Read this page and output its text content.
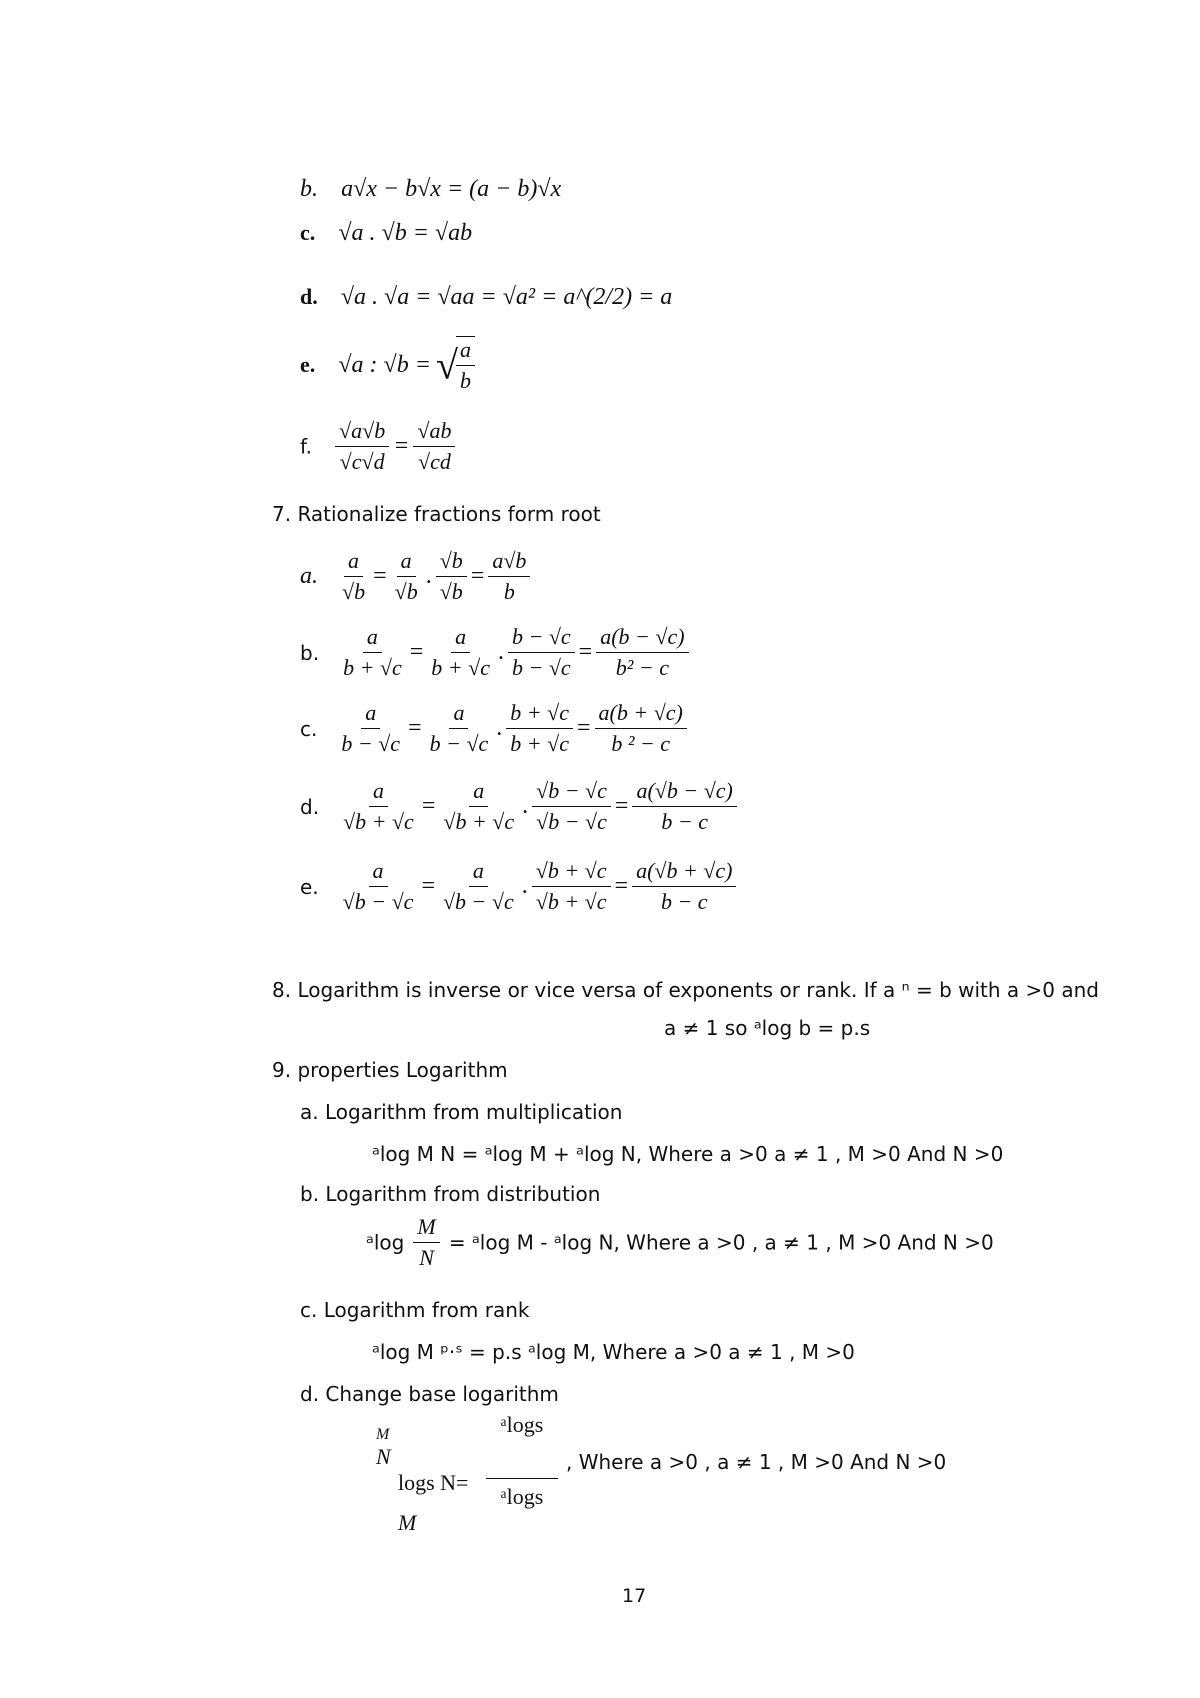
b. a√x − b√x = (a − b)√x
c. √a . √b = √ab
d. √a . √a = √aa = √a² = a^(2/2) = a
e. √a : √b = √
$\frac{a}{b}$
f. $\frac{√a√b}{√c√d} = \frac{√ab}{√cd}$
7. Rationalize fractions form root
a. $\frac{a}{√b} = \frac{a}{√b}$ . $\frac{√b}{√b} = \frac{a√b}{b}$
b. $\frac{a}{b + √c} = \frac{a}{b + √c}$ . $\frac{b - √c}{b - √c} = \frac{a(b - √c)}{\text{b² − c}}$
c. $\frac{a}{b - √c} = \frac{a}{b - √c}$ . $\frac{b + √c}{b + √c} = \frac{a(b + √c)}{\text{b ² − c}}$
d. $\frac{a}{√b + √c} = \frac{a}{√b + √c}$ . $\frac{√b - √c}{√b - √c} = \frac{a(√b - √c)}{b - c}$
e. $\frac{a}{√b - √c} = \frac{a}{√b - √c}$ . $\frac{√b + √c}{√b + √c} = \frac{a(√b + √c)}{b - c}$
8. Logarithm is inverse or vice versa of exponents or rank. If a ⁿ = b with a >0 and
a ≠ 1 so ᵃlog b = p.s
9. properties Logarithm
a. Logarithm from multiplication
ᵃlog M N = ᵃlog M + ᵃlog N, Where a >0 a ≠ 1 , M >0 And N >0
b. Logarithm from distribution
ᵃlog $\frac{M}{N}$ = ᵃlog M - ᵃlog N, Where a >0 , a ≠ 1 , M >0 And N >0
c. Logarithm from rank
ᵃlog M ᵖ·ˢ = p.s ᵃlog M, Where a >0 a ≠ 1 , M >0
d. Change base logarithm
M
N
logs N=
ᵃlogs
ᵃlogs
M
, Where a >0 , a ≠ 1 , M >0 And N >0
17
